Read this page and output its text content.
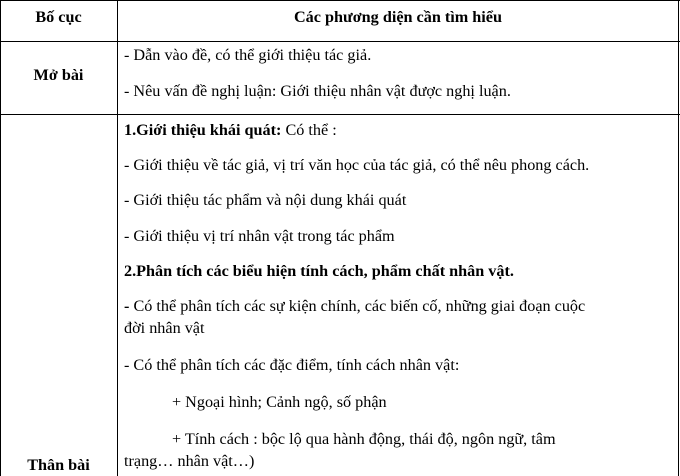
Bố cục	Các phương diện cần tìm hiểu
Mở bài
- Dẫn vào đề, có thể giới thiệu tác giả.
- Nêu vấn đề nghị luận: Giới thiệu nhân vật được nghị luận.
1.Giới thiệu khái quát: Có thể :
- Giới thiệu về tác giả, vị trí văn học của tác giả, có thể nêu phong cách.
- Giới thiệu tác phẩm và nội dung khái quát
- Giới thiệu vị trí nhân vật trong tác phẩm
2.Phân tích các biểu hiện tính cách, phẩm chất nhân vật.
- Có thể phân tích các sự kiện chính, các biến cố, những giai đoạn cuộc
đời nhân vật
- Có thể phân tích các đặc điểm, tính cách nhân vật:
+ Ngoại hình; Cảnh ngộ, số phận
+ Tính cách : bộc lộ qua hành động, thái độ, ngôn ngữ, tâm
trạng… nhân vật…)
Thân bài
